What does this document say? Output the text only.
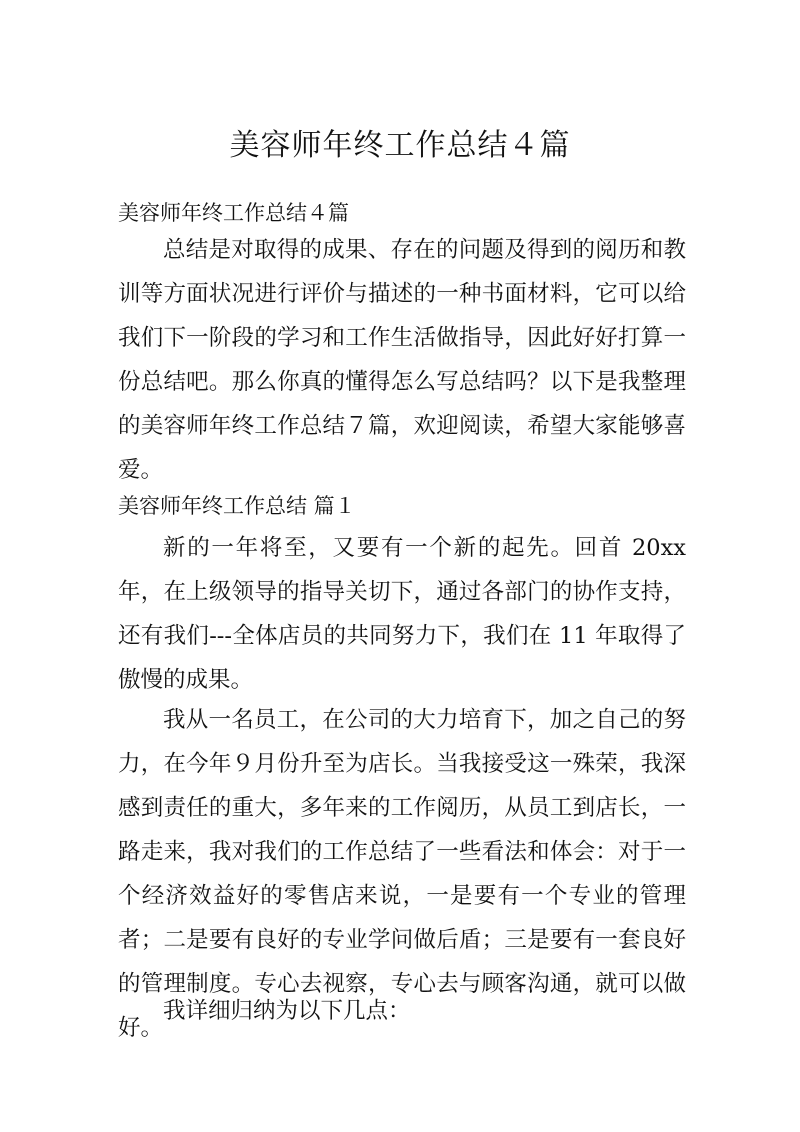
美容师年终工作总结４篇
美容师年终工作总结４篇

总结是对取得的成果、存在的问题及得到的阅历和教训等方面状况进行评价与描述的一种书面材料，它可以给我们下一阶段的学习和工作生活做指导，因此好好打算一份总结吧。那么你真的懂得怎么写总结吗？以下是我整理的美容师年终工作总结７篇，欢迎阅读，希望大家能够喜爱。

美容师年终工作总结 篇１

新的一年将至，又要有一个新的起先。回首 20xx 年，在上级领导的指导关切下，通过各部门的协作支持，还有我们---全体店员的共同努力下，我们在 11 年取得了傲慢的成果。

我从一名员工，在公司的大力培育下，加之自己的努力，在今年９月份升至为店长。当我接受这一殊荣，我深感到责任的重大，多年来的工作阅历，从员工到店长，一路走来，我对我们的工作总结了一些看法和体会：对于一个经济效益好的零售店来说，一是要有一个专业的管理者；二是要有良好的专业学问做后盾；三是要有一套良好的管理制度。专心去视察，专心去与顾客沟通，就可以做好。

我详细归纳为以下几点：
